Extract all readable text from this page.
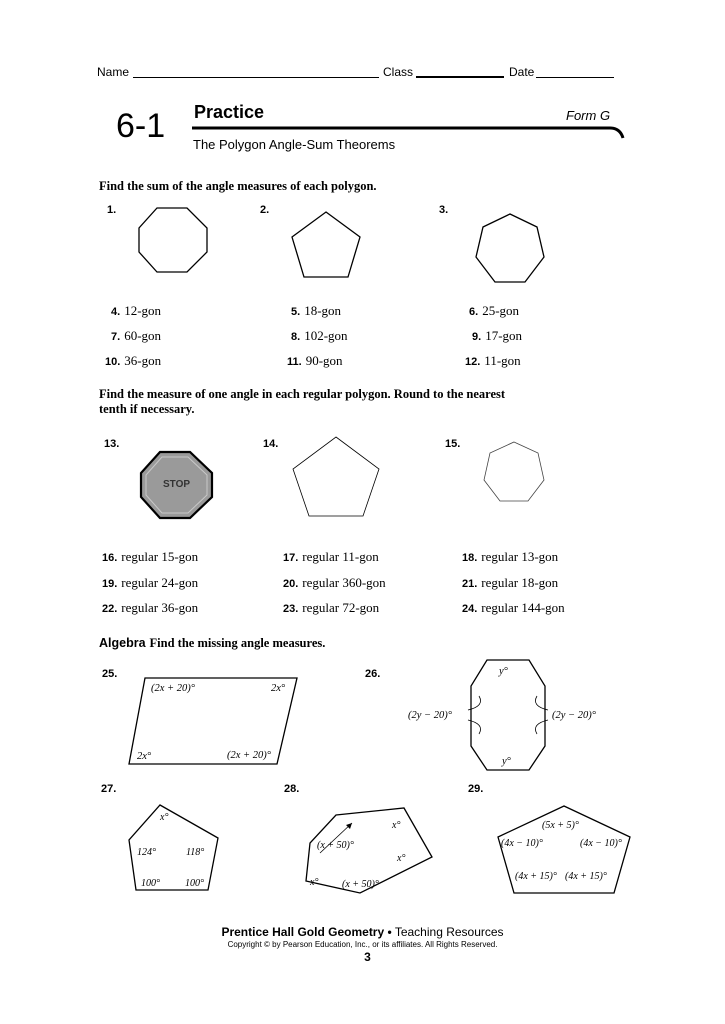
Name	Class	Date
6-1 Practice	Form G
The Polygon Angle-Sum Theorems
Find the sum of the angle measures of each polygon.
1.	2.	3.
4. 12-gon	5. 18-gon	6. 25-gon
7. 60-gon	8. 102-gon	9. 17-gon
10. 36-gon	11. 90-gon	12. 11-gon
Find the measure of one angle in each regular polygon. Round to the nearest
tenth if necessary.
13.	14.	15.
STOP
16. regular 15-gon	17. regular 11-gon	18. regular 13-gon
19. regular 24-gon	20. regular 360-gon	21. regular 18-gon
22. regular 36-gon	23. regular 72-gon	24. regular 144-gon
Algebra Find the missing angle measures.
25.	26.
27.	28.	29.
(2x + 20)°	2x°
2x°	(2x + 20)°
y°
(2y − 20)°	(2y − 20)°
y°
x°
124°	118°
100°	100°
x°
(x + 50)°
x°
x° (x + 50)°
(5x + 5)°
(4x − 10)°	(4x − 10)°
(4x + 15)° (4x + 15)°
Prentice Hall Gold Geometry • Teaching Resources
Copyright © by Pearson Education, Inc., or its affiliates. All Rights Reserved.
3
